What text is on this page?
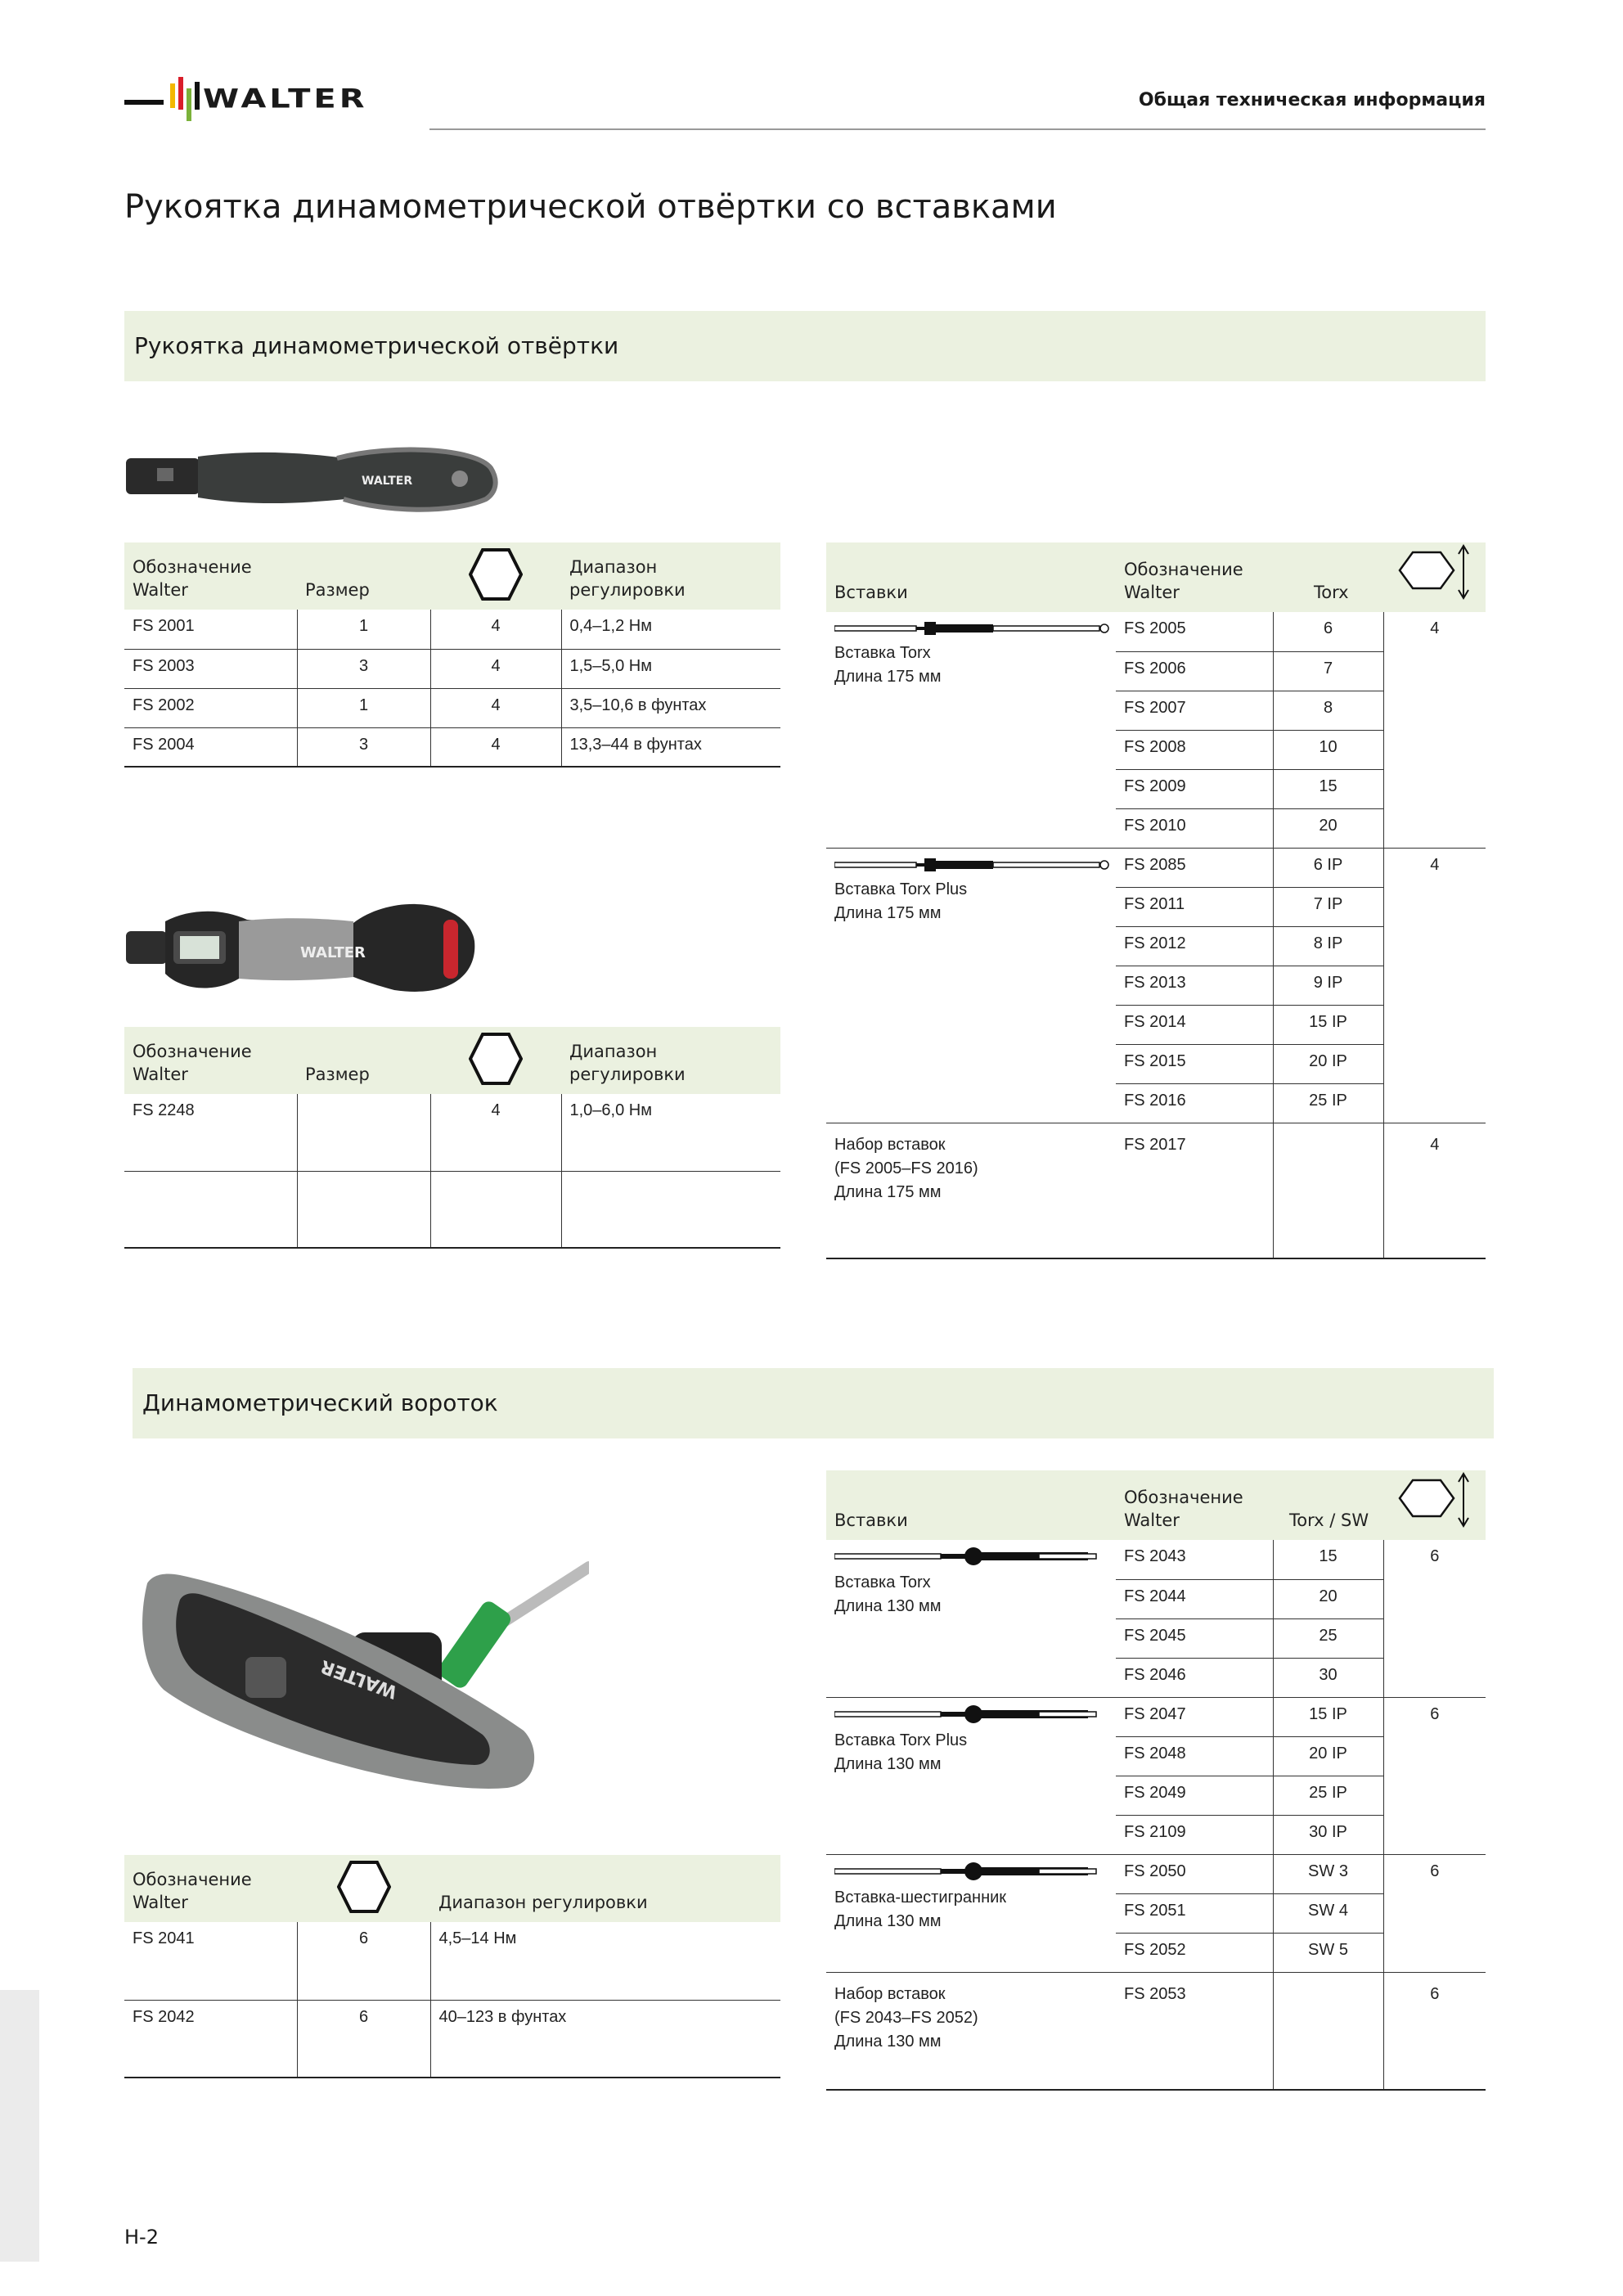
WALTER	Общая техническая информация
Рукоятка динамометрической отвёртки со вставками
Рукоятка динамометрической отвёртки
WALTER
Обозначение Walter	Размер		Диапазон регулировки
FS 2001	1	4	0,4–1,2 Нм
FS 2003	3	4	1,5–5,0 Нм
FS 2002	1	4	3,5–10,6 в фунтах
FS 2004	3	4	13,3–44 в фунтах
WALTER
Обозначение Walter	Размер		Диапазон регулировки
FS 2248		4	1,0–6,0 Нм

Вставки	Обозначение Walter	Torx	

Вставка Torx
Длина 175 мм	FS 2005	6	4
	FS 2006	7	
	FS 2007	8	
	FS 2008	10	
	FS 2009	15	
	FS 2010	20	

Вставка Torx Plus
Длина 175 мм	FS 2085	6 IP	4
	FS 2011	7 IP	
	FS 2012	8 IP	
	FS 2013	9 IP	
	FS 2014	15 IP	
	FS 2015	20 IP	
	FS 2016	25 IP	

Набор вставок
(FS 2005–FS 2016)
Длина 175 мм	FS 2017		4
Динамометрический вороток
WALTER
Обозначение Walter		Диапазон регулировки
FS 2041	6	4,5–14 Нм
FS 2042	6	40–123 в фунтах
Вставки	Обозначение Walter	Torx / SW	

Вставка Torx
Длина 130 мм	FS 2043	15	6
	FS 2044	20	
	FS 2045	25	
	FS 2046	30	

Вставка Torx Plus
Длина 130 мм	FS 2047	15 IP	6
	FS 2048	20 IP	
	FS 2049	25 IP	
	FS 2109	30 IP	

Вставка-шестигранник
Длина 130 мм	FS 2050	SW 3	6
	FS 2051	SW 4	
	FS 2052	SW 5	

Набор вставок
(FS 2043–FS 2052)
Длина 130 мм	FS 2053		6
H-2
